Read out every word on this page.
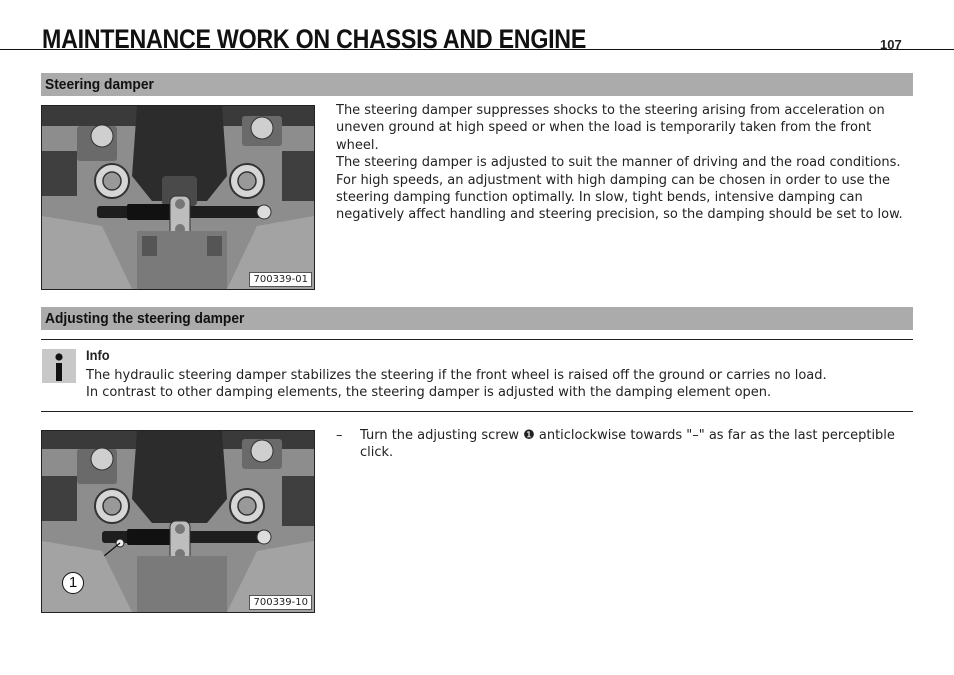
MAINTENANCE WORK ON CHASSIS AND ENGINE	107
Steering damper
700339-01
The steering damper suppresses shocks to the steering arising from acceleration on uneven ground at high speed or when the load is temporarily taken from the front wheel.
The steering damper is adjusted to suit the manner of driving and the road conditions. For high speeds, an adjustment with high damping can be chosen in order to use the steering damping function optimally. In slow, tight bends, intensive damping can negatively affect handling and steering precision, so the damping should be set to low.
Adjusting the steering damper
Info
The hydraulic steering damper stabilizes the steering if the front wheel is raised off the ground or carries no load.
In contrast to other damping elements, the steering damper is adjusted with the damping element open.
700339-10
1
–	Turn the adjusting screw ❶ anticlockwise towards "–" as far as the last perceptible click.
